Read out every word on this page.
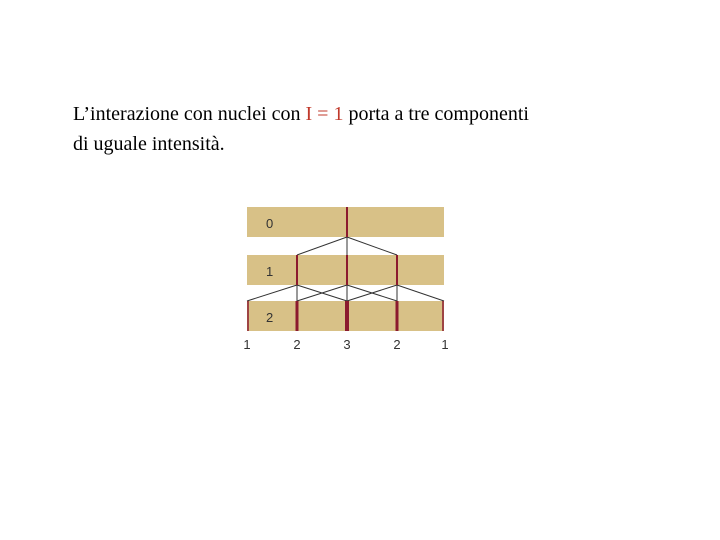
L’interazione con nuclei con I = 1 porta a tre componenti
di uguale intensità.
0
1
2
1	2	3	2	1
